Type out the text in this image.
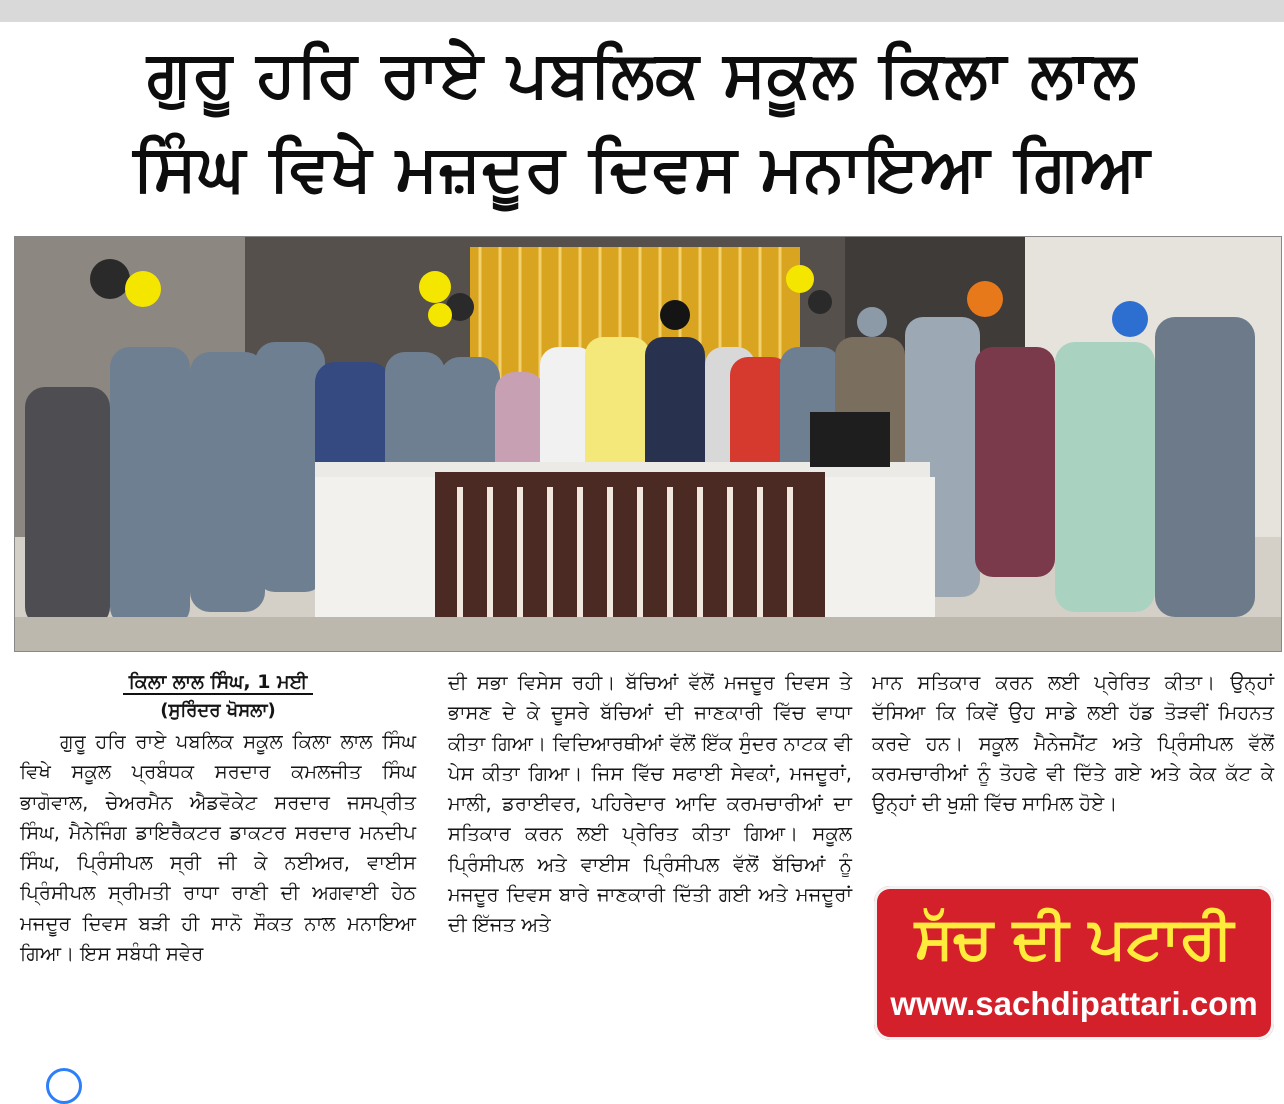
ਗੁਰੂ ਹਰਿ ਰਾਏ ਪਬਲਿਕ ਸਕੂਲ ਕਿਲਾ ਲਾਲ
ਸਿੰਘ ਵਿਖੇ ਮਜ਼ਦੂਰ ਦਿਵਸ ਮਨਾਇਆ ਗਿਆ
ਕਿਲਾ ਲਾਲ ਸਿੰਘ, 1 ਮਈ
(ਸੁਰਿੰਦਰ ਖੋਸਲਾ)

ਗੁਰੂ ਹਰਿ ਰਾਏ ਪਬਲਿਕ ਸਕੂਲ ਕਿਲਾ ਲਾਲ ਸਿੰਘ ਵਿਖੇ ਸਕੂਲ ਪ੍ਰਬੰਧਕ ਸਰਦਾਰ ਕਮਲਜੀਤ ਸਿੰਘ ਭਾਗੋਵਾਲ, ਚੇਅਰਮੈਨ ਐਡਵੋਕੇਟ ਸਰਦਾਰ ਜਸਪ੍ਰੀਤ ਸਿੰਘ, ਮੈਨੇਜਿੰਗ ਡਾਇਰੈਕਟਰ ਡਾਕਟਰ ਸਰਦਾਰ ਮਨਦੀਪ ਸਿੰਘ, ਪ੍ਰਿੰਸੀਪਲ ਸ੍ਰੀ ਜੀ ਕੇ ਨਈਅਰ, ਵਾਈਸ ਪ੍ਰਿੰਸੀਪਲ ਸ੍ਰੀਮਤੀ ਰਾਧਾ ਰਾਣੀ ਦੀ ਅਗਵਾਈ ਹੇਠ ਮਜਦੂਰ ਦਿਵਸ ਬੜੀ ਹੀ ਸਾਨੋ ਸੌਕਤ ਨਾਲ ਮਨਾਇਆ ਗਿਆ। ਇਸ ਸਬੰਧੀ ਸਵੇਰ

ਦੀ ਸਭਾ ਵਿਸੇਸ ਰਹੀ। ਬੱਚਿਆਂ ਵੱਲੋਂ ਮਜਦੂਰ ਦਿਵਸ ਤੇ ਭਾਸਣ ਦੇ ਕੇ ਦੂਸਰੇ ਬੱਚਿਆਂ ਦੀ ਜਾਣਕਾਰੀ ਵਿੱਚ ਵਾਧਾ ਕੀਤਾ ਗਿਆ। ਵਿਦਿਆਰਥੀਆਂ ਵੱਲੋਂ ਇੱਕ ਸੁੰਦਰ ਨਾਟਕ ਵੀ ਪੇਸ ਕੀਤਾ ਗਿਆ। ਜਿਸ ਵਿੱਚ ਸਫਾਈ ਸੇਵਕਾਂ, ਮਜਦੂਰਾਂ, ਮਾਲੀ, ਡਰਾਈਵਰ, ਪਹਿਰੇਦਾਰ ਆਦਿ ਕਰਮਚਾਰੀਆਂ ਦਾ ਸਤਿਕਾਰ ਕਰਨ ਲਈ ਪ੍ਰੇਰਿਤ ਕੀਤਾ ਗਿਆ। ਸਕੂਲ ਪ੍ਰਿੰਸੀਪਲ ਅਤੇ ਵਾਈਸ ਪ੍ਰਿੰਸੀਪਲ ਵੱਲੋਂ ਬੱਚਿਆਂ ਨੂੰ ਮਜਦੂਰ ਦਿਵਸ ਬਾਰੇ ਜਾਣਕਾਰੀ ਦਿੱਤੀ ਗਈ ਅਤੇ ਮਜਦੂਰਾਂ ਦੀ ਇੱਜਤ ਅਤੇ

ਮਾਨ ਸਤਿਕਾਰ ਕਰਨ ਲਈ ਪ੍ਰੇਰਿਤ ਕੀਤਾ। ਉਨ੍ਹਾਂ ਦੱਸਿਆ ਕਿ ਕਿਵੇਂ ਉਹ ਸਾਡੇ ਲਈ ਹੱਡ ਤੋੜਵੀਂ ਮਿਹਨਤ ਕਰਦੇ ਹਨ। ਸਕੂਲ ਮੈਨੇਜਮੈਂਟ ਅਤੇ ਪ੍ਰਿੰਸੀਪਲ ਵੱਲੋਂ ਕਰਮਚਾਰੀਆਂ ਨੂੰ ਤੋਹਫੇ ਵੀ ਦਿੱਤੇ ਗਏ ਅਤੇ ਕੇਕ ਕੱਟ ਕੇ ਉਨ੍ਹਾਂ ਦੀ ਖੁਸ਼ੀ ਵਿੱਚ ਸਾਮਿਲ ਹੋਏ।

ਸੱਚ ਦੀ ਪਟਾਰੀ
www.sachdipattari.com
